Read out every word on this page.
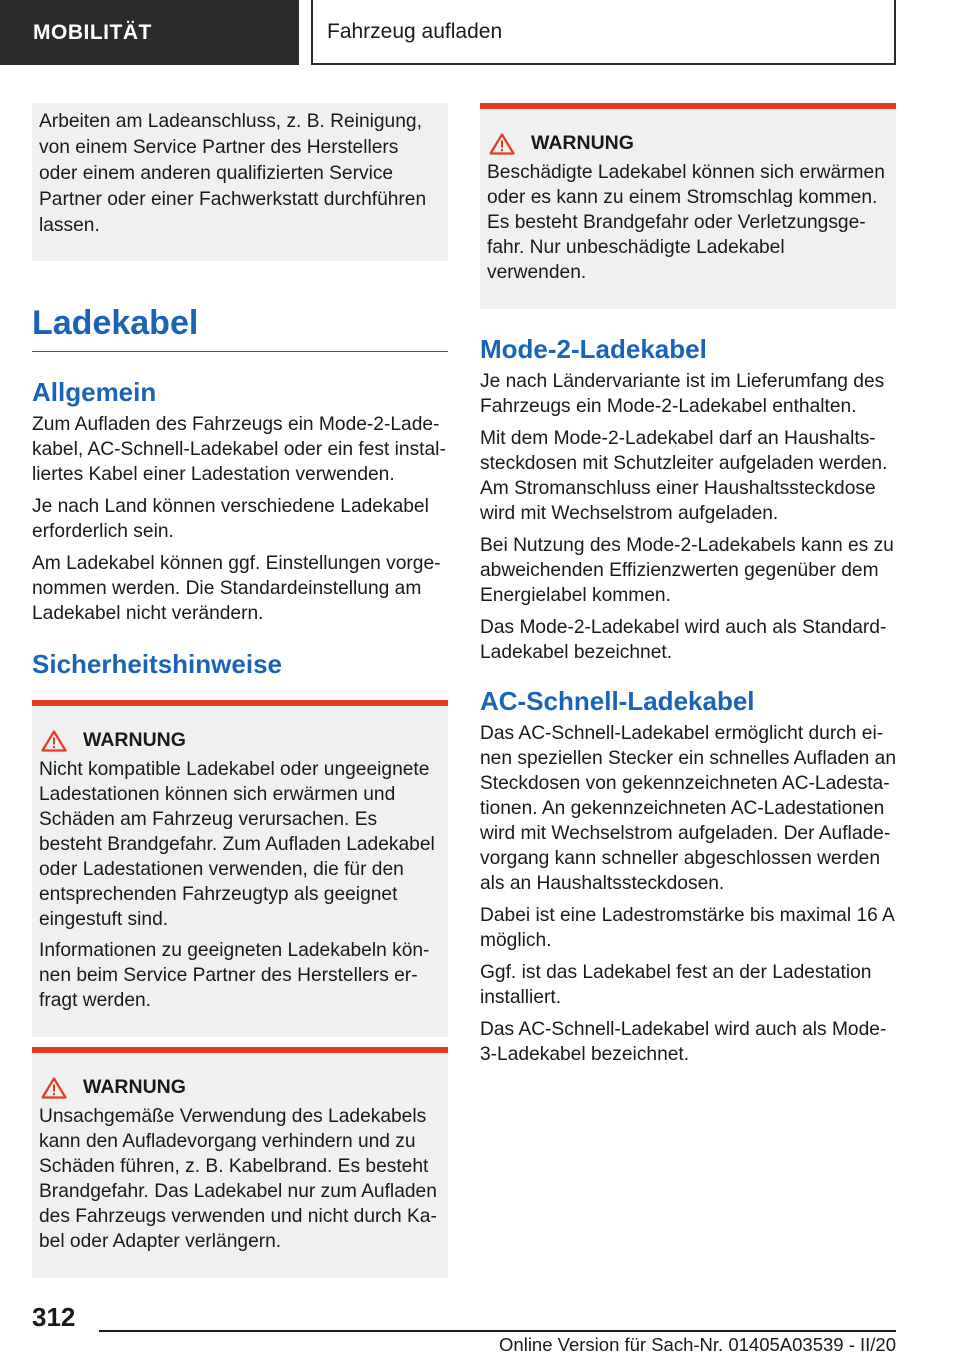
MOBILITÄT	Fahrzeug aufladen

Arbeiten am Ladeanschluss, z. B. Reinigung, von einem Service Partner des Herstellers oder einem anderen qualifizierten Service Partner oder einer Fachwerkstatt durchführen lassen.

Ladekabel
Allgemein

Zum Aufladen des Fahrzeugs ein Mode-2-Ladekabel, AC-Schnell-Ladekabel oder ein fest installiertes Kabel einer Ladestation verwenden.

Je nach Land können verschiedene Ladekabel erforderlich sein.

Am Ladekabel können ggf. Einstellungen vorgenommen werden. Die Standardeinstellung am Ladekabel nicht verändern.

Sicherheitshinweise
WARNUNG

Nicht kompatible Ladekabel oder ungeeignete Ladestationen können sich erwärmen und Schäden am Fahrzeug verursachen. Es besteht Brandgefahr. Zum Aufladen Ladekabel oder Ladestationen verwenden, die für den entsprechenden Fahrzeugtyp als geeignet eingestuft sind.

Informationen zu geeigneten Ladekabeln können beim Service Partner des Herstellers erfragt werden.

WARNUNG

Unsachgemäße Verwendung des Ladekabels kann den Aufladevorgang verhindern und zu Schäden führen, z. B. Kabelbrand. Es besteht Brandgefahr. Das Ladekabel nur zum Aufladen des Fahrzeugs verwenden und nicht durch Kabel oder Adapter verlängern.

WARNUNG

Beschädigte Ladekabel können sich erwärmen oder es kann zu einem Stromschlag kommen. Es besteht Brandgefahr oder Verletzungsgefahr. Nur unbeschädigte Ladekabel verwenden.

Mode-2-Ladekabel

Je nach Ländervariante ist im Lieferumfang des Fahrzeugs ein Mode-2-Ladekabel enthalten.

Mit dem Mode-2-Ladekabel darf an Haushaltssteckdosen mit Schutzleiter aufgeladen werden. Am Stromanschluss einer Haushaltssteckdose wird mit Wechselstrom aufgeladen.

Bei Nutzung des Mode-2-Ladekabels kann es zu abweichenden Effizienzwerten gegenüber dem Energielabel kommen.

Das Mode-2-Ladekabel wird auch als Standard-Ladekabel bezeichnet.

AC-Schnell-Ladekabel

Das AC-Schnell-Ladekabel ermöglicht durch einen speziellen Stecker ein schnelles Aufladen an Steckdosen von gekennzeichneten AC-Ladestationen. An gekennzeichneten AC-Ladestationen wird mit Wechselstrom aufgeladen. Der Aufladevorgang kann schneller abgeschlossen werden als an Haushaltssteckdosen.

Dabei ist eine Ladestromstärke bis maximal 16 A möglich.

Ggf. ist das Ladekabel fest an der Ladestation installiert.

Das AC-Schnell-Ladekabel wird auch als Mode-3-Ladekabel bezeichnet.

312
Online Version für Sach-Nr. 01405A03539 - II/20
